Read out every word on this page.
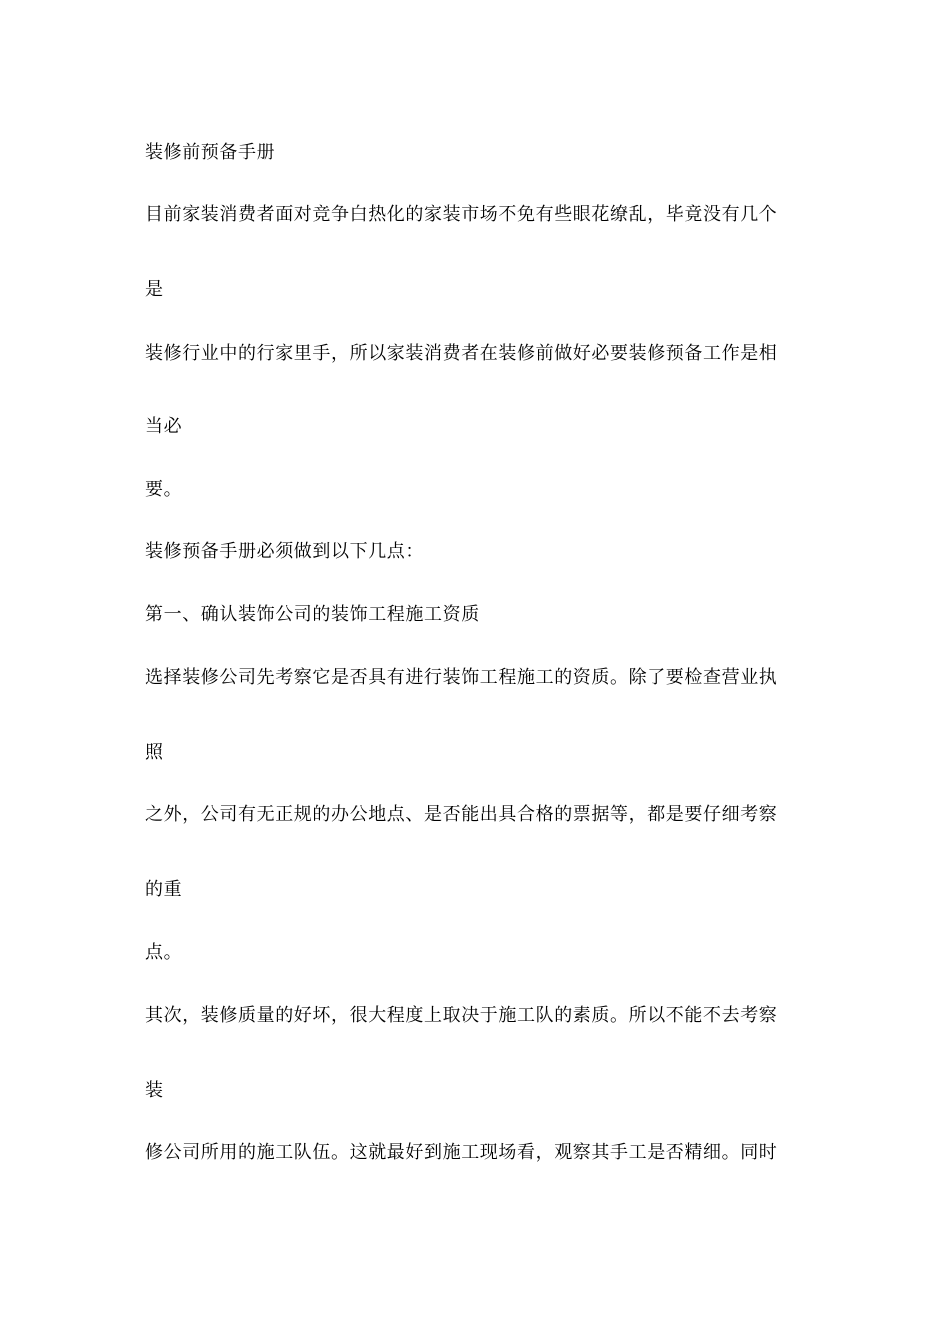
装修前预备手册
目前家装消费者面对竞争白热化的家装市场不免有些眼花缭乱，毕竟没有几个
是
装修行业中的行家里手，所以家装消费者在装修前做好必要装修预备工作是相
当必
要。
装修预备手册必须做到以下几点：
第一、确认装饰公司的装饰工程施工资质
选择装修公司先考察它是否具有进行装饰工程施工的资质。除了要检查营业执
照
之外，公司有无正规的办公地点、是否能出具合格的票据等，都是要仔细考察
的重
点。
其次，装修质量的好坏，很大程度上取决于施工队的素质。所以不能不去考察
装
修公司所用的施工队伍。这就最好到施工现场看，观察其手工是否精细。同时
